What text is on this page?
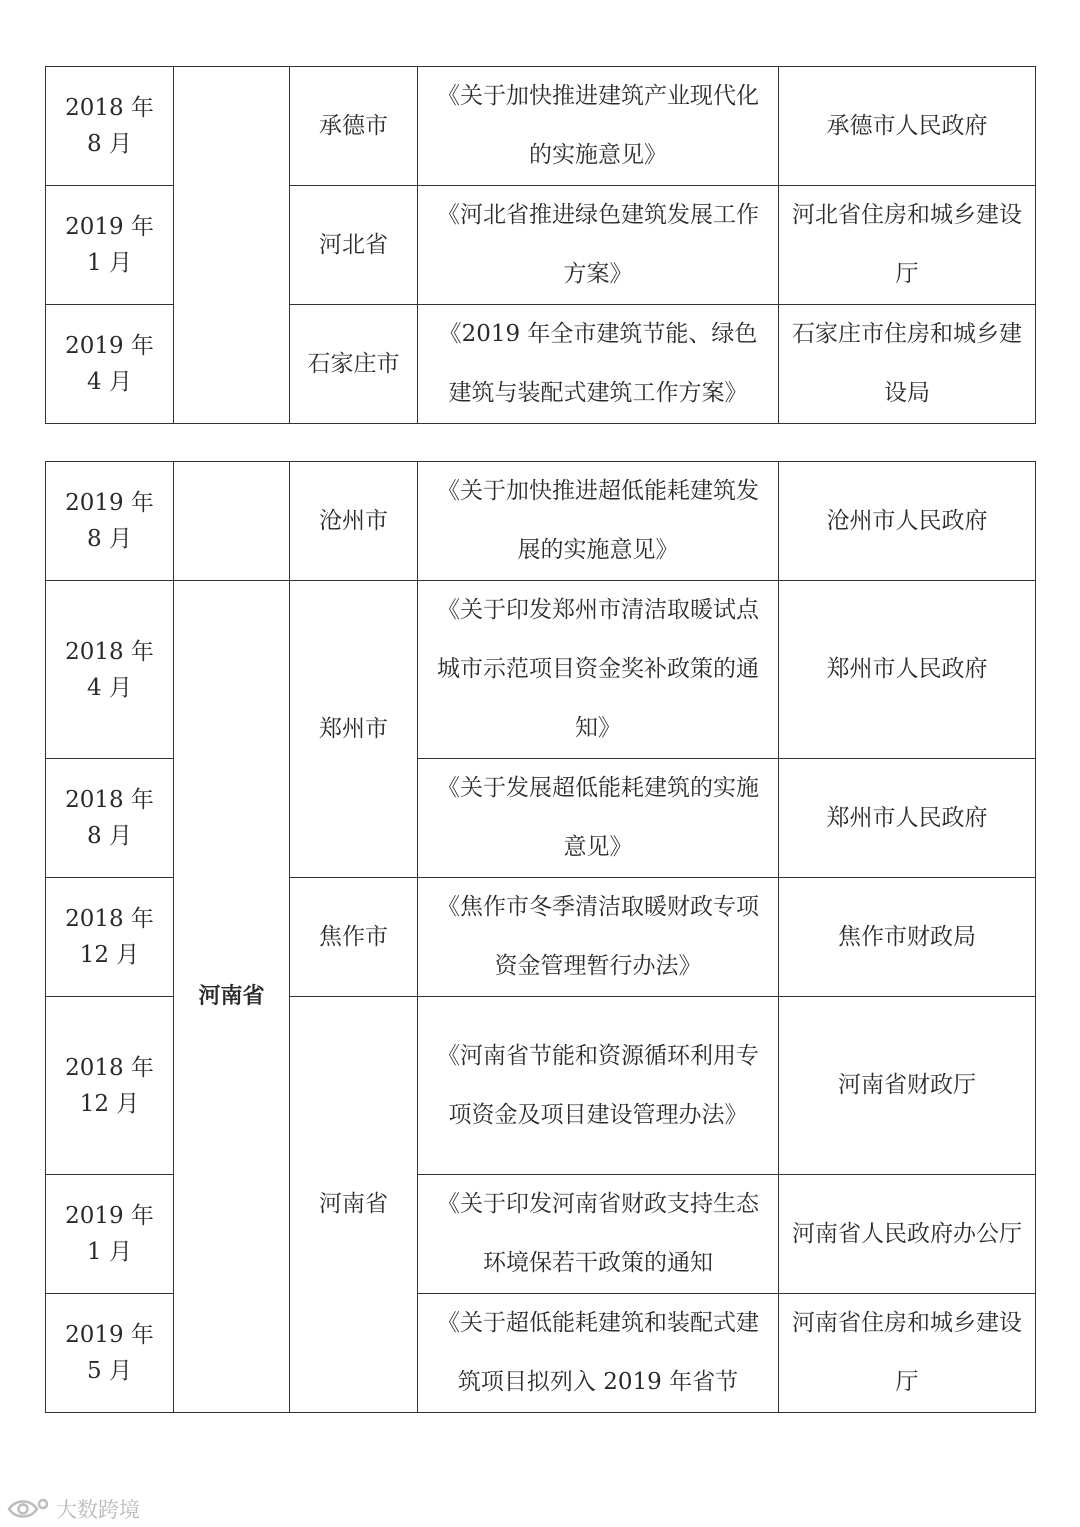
2018 年 8 月		承德市	《关于加快推进建筑产业现代化的实施意见》	承德市人民政府
2019 年 1 月		河北省	《河北省推进绿色建筑发展工作方案》	河北省住房和城乡建设厅
2019 年 4 月		石家庄市	《2019 年全市建筑节能、绿色建筑与装配式建筑工作方案》	石家庄市住房和城乡建设局
2019 年 8 月		沧州市	《关于加快推进超低能耗建筑发展的实施意见》	沧州市人民政府
2018 年 4 月	河南省	郑州市	《关于印发郑州市清洁取暖试点城市示范项目资金奖补政策的通知》	郑州市人民政府
2018 年 8 月			《关于发展超低能耗建筑的实施意见》	郑州市人民政府
2018 年 12 月		焦作市	《焦作市冬季清洁取暖财政专项资金管理暂行办法》	焦作市财政局
2018 年 12 月		河南省	《河南省节能和资源循环利用专项资金及项目建设管理办法》	河南省财政厅
2019 年 1 月			《关于印发河南省财政支持生态环境保若干政策的通知	河南省人民政府办公厅
2019 年 5 月			《关于超低能耗建筑和装配式建筑项目拟列入 2019 年省节	河南省住房和城乡建设厅
大数跨境
